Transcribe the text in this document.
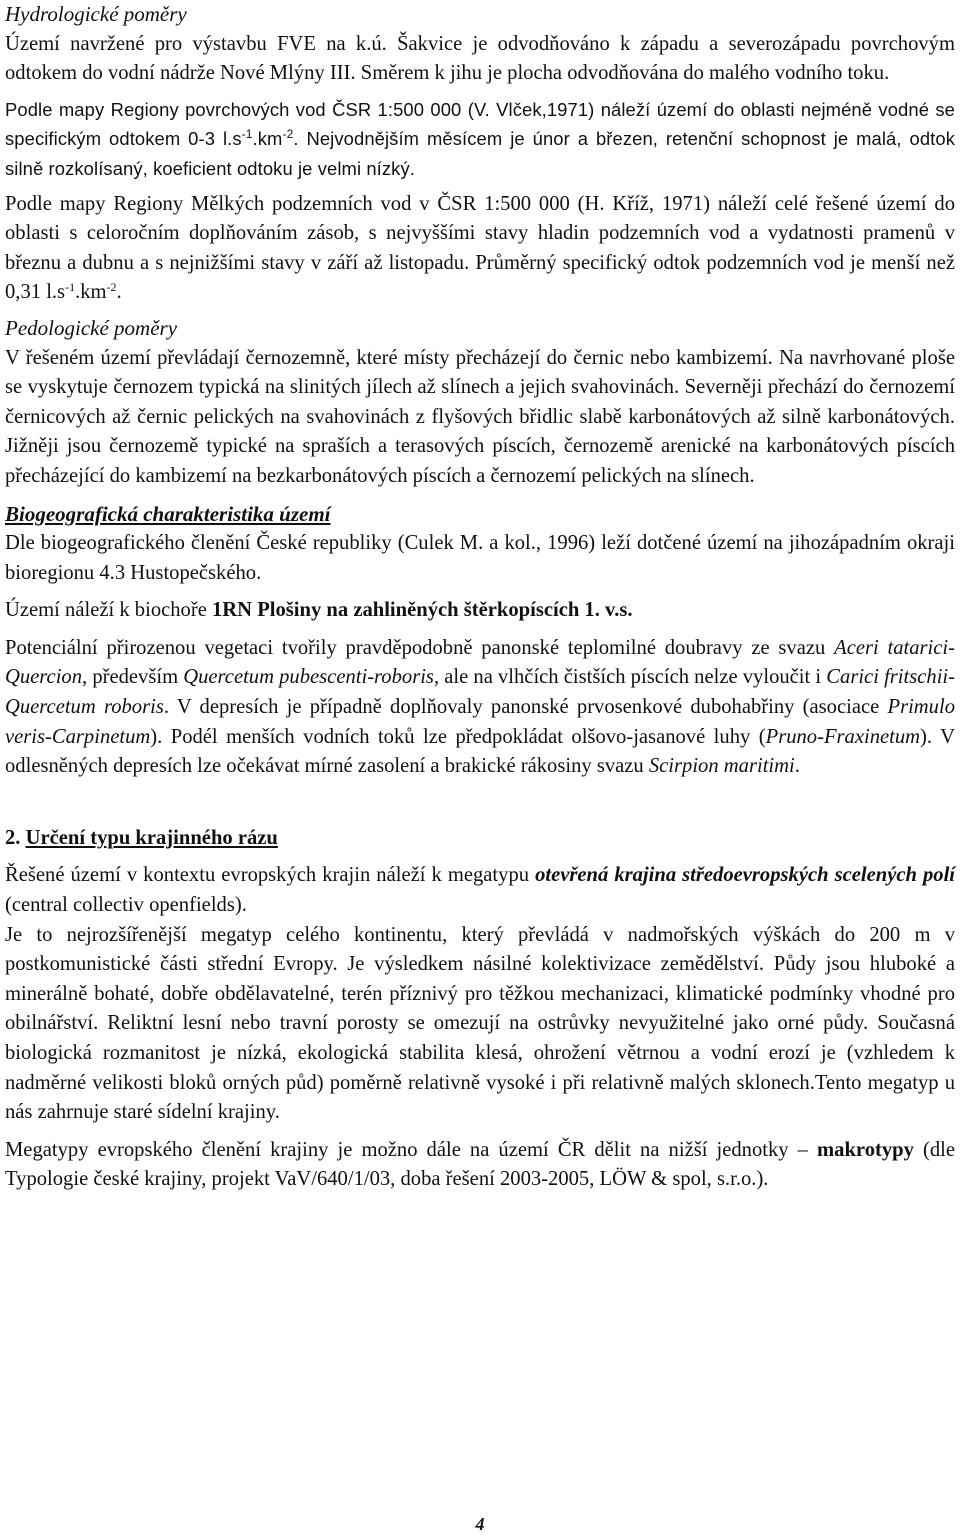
Hydrologické poměry

Území navržené pro výstavbu FVE na k.ú. Šakvice je odvodňováno k západu a severozápadu povrchovým odtokem do vodní nádrže Nové Mlýny III. Směrem k jihu je plocha odvodňována do malého vodního toku.

Podle mapy Regiony povrchových vod ČSR 1:500 000 (V. Vlček,1971) náleží území do oblasti nejméně vodné se specifickým odtokem 0-3 $l.s^{-1}.km^{-2}$. Nejvodnějším měsícem je únor a březen, retenční schopnost je malá, odtok silně rozkolísaný, koeficient odtoku je velmi nízký.

Podle mapy Regiony Mělkých podzemních vod v ČSR 1:500 000 (H. Kříž, 1971) náleží celé řešené území do oblasti s celoročním doplňováním zásob, s nejvyššími stavy hladin podzemních vod a vydatnosti pramenů v březnu a dubnu a s nejnižšími stavy v září až listopadu. Průměrný specifický odtok podzemních vod je menší než 0,31 $l.s^{-1}.km^{-2}$.

Pedologické poměry

V řešeném území převládají černozemně, které místy přecházejí do černic nebo kambizemí. Na navrhované ploše se vyskytuje černozem typická na slinitých jílech až slínech a jejich svahovinách. Severněji přechází do černozemí černicových až černic pelických na svahovinách z flyšových břidlic slabě karbonátových až silně karbonátových. Jižněji jsou černozemě typické na spraších a terasových píscích, černozemě arenické na karbonátových píscích přecházející do kambizemí na bezkarbonátových píscích a černozemí pelických na slínech.

Biogeografická charakteristika území

Dle biogeografického členění České republiky (Culek M. a kol., 1996) leží dotčené území na jihozápadním okraji bioregionu 4.3 Hustopečského.

Území náleží k biochoře 1RN Plošiny na zahliněných štěrkopíscích 1. v.s.

Potenciální přirozenou vegetaci tvořily pravděpodobně panonské teplomilné doubravy ze svazu Aceri tatarici-Quercion, především Quercetum pubescenti-roboris, ale na vlhčích čistších píscích nelze vyloučit i Carici fritschii-Quercetum roboris. V depresích je případně doplňovaly panonské prvosenkové dubohabřiny (asociace Primulo veris-Carpinetum). Podél menších vodních toků lze předpokládat olšovo-jasanové luhy (Pruno-Fraxinetum). V odlesněných depresích lze očekávat mírné zasolení a brakické rákosiny svazu Scirpion maritimi.

2. Určení typu krajinného rázu

Řešené území v kontextu evropských krajin náleží k megatypu otevřená krajina středoevropských scelených polí (central collectiv openfields).

Je to nejrozšířenější megatyp celého kontinentu, který převládá v nadmořských výškách do 200 m v postkomunistické části střední Evropy. Je výsledkem násilné kolektivizace zemědělství. Půdy jsou hluboké a minerálně bohaté, dobře obdělavatelné, terén příznivý pro těžkou mechanizaci, klimatické podmínky vhodné pro obilnářství. Reliktní lesní nebo travní porosty se omezují na ostrůvky nevyužitelné jako orné půdy. Současná biologická rozmanitost je nízká, ekologická stabilita klesá, ohrožení větrnou a vodní erozí je (vzhledem k nadměrné velikosti bloků orných půd) poměrně relativně vysoké i při relativně malých sklonech.Tento megatyp u nás zahrnuje staré sídelní krajiny.

Megatypy evropského členění krajiny je možno dále na území ČR dělit na nižší jednotky – makrotypy (dle Typologie české krajiny, projekt VaV/640/1/03, doba řešení 2003-2005, LÖW & spol, s.r.o.).

4
